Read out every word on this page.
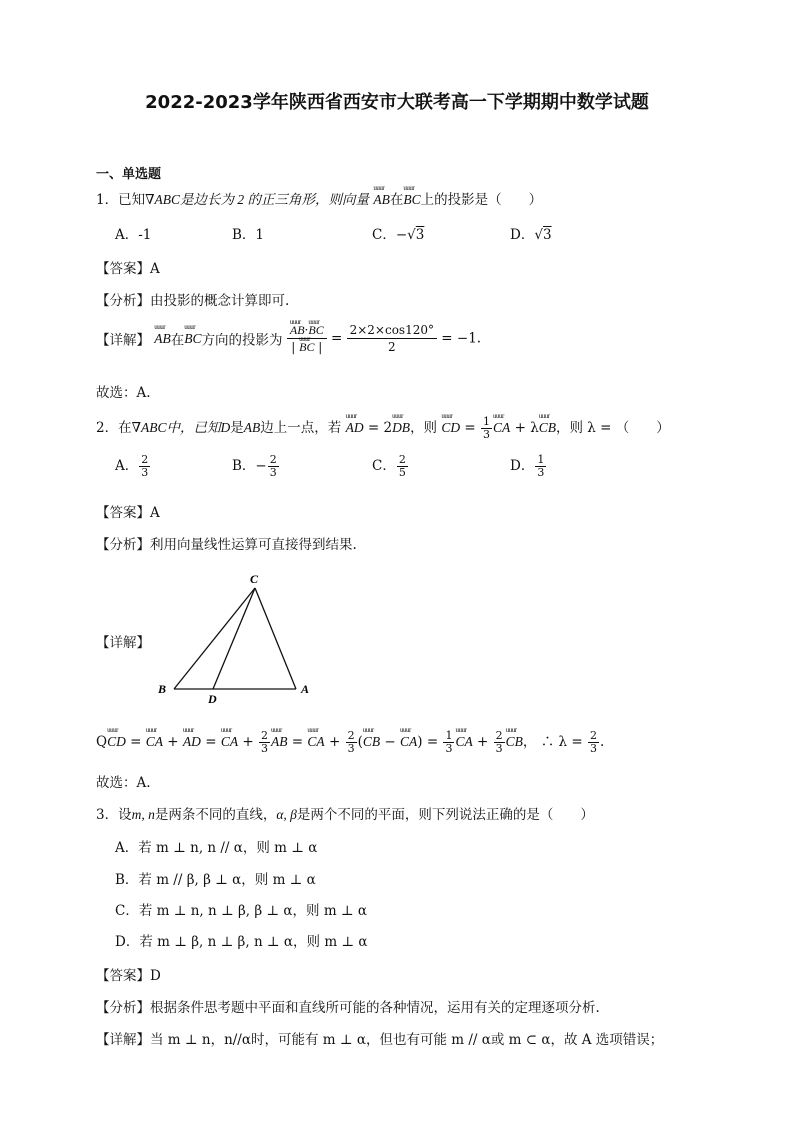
2022-2023学年陕西省西安市大联考高一下学期期中数学试题
一、单选题
1．已知∇ABC是边长为 2 的正三角形，则向量 uuur AB在uuur BC上的投影是（　　）
A．-1	B．1	C．−√3	D．√3
【答案】A
【分析】由投影的概念计算即可.
【详解】 uuur AB在uuur BC方向的投影为 uuur $\frac{\text{AB·uuur BC}}{\text{| uuur BC |}} = \frac{2\times 2\times\cos 120^\circ}{2} = -1$.
故选：A.
2．在∇ABC中，已知D是AB边上一点，若 uuur AD = 2uuur DB，则 uuur CD = $\frac{1}{3}$ uuur CA + λuuur CB，则 λ = （　　）
A． $\frac{2}{3}$	B．− $\frac{2}{3}$	C． $\frac{2}{5}$	D． $\frac{1}{3}$
【答案】A
【分析】利用向量线性运算可直接得到结果.
【详解】
C
B
D
A
Quuur CD = uuur CA + uuur AD = uuur CA + $\frac{2}{3}$ uuur AB = uuur CA + $\frac{2}{3}$ (uuur CB − uuur $CA) = \frac{1}{3}$ uuur CA + $\frac{2}{3}$ uuur CB， ∴ $\lambda = \frac{2}{3}$ .
故选：A.
3．设m, n是两条不同的直线，α, β是两个不同的平面，则下列说法正确的是（　　）
A．若 m ⊥ n, n // α，则 m ⊥ α
B．若 m // β, β ⊥ α，则 m ⊥ α
C．若 m ⊥ n, n ⊥ β, β ⊥ α，则 m ⊥ α
D．若 m ⊥ β, n ⊥ β, n ⊥ α，则 m ⊥ α
【答案】D
【分析】根据条件思考题中平面和直线所可能的各种情况，运用有关的定理逐项分析.
【详解】当 m ⊥ n，n//α时，可能有 m ⊥ α，但也有可能 m // α或 m ⊂ α，故 A 选项错误；
